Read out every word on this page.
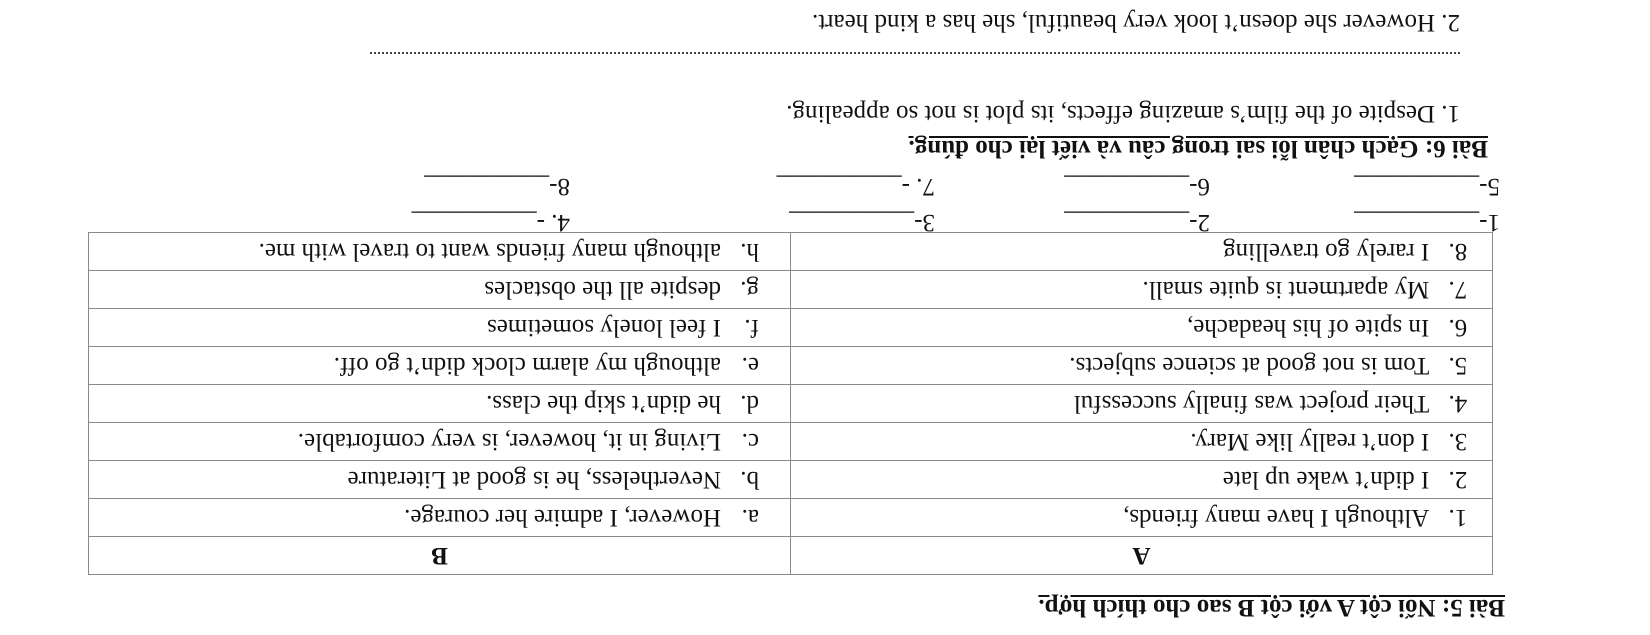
Bài 5: Nối cột A với cột B sao cho thích hợp.
A	B
1.Although I have many friends,	a.However, I admire her courage.
2.I didn’t wake up late	b.Nevertheless, he is good at Literature
3.I don’t really like Mary.	c.Living in it, however, is very comfortable.
4.Their project was finally successful	d.he didn’t skip the class.
5.Tom is not good at science subjects.	e.although my alarm clock didn’t go off.
6.In spite of his headache,	f.I feel lonely sometimes
7.My apartment is quite small.	g.despite all the obstacles
8.I rarely go travelling	h.although many friends want to travel with me.
1-__________
2-__________
3-__________
4. -__________
5-__________
6-__________
7. -__________
8-__________
Bài 6: Gạch chân lỗi sai trong câu và viết lại cho đúng.
1. Despite of the film’s amazing effects, its plot is not so appealing.
2. However she doesn’t look very beautiful, she has a kind heart.
